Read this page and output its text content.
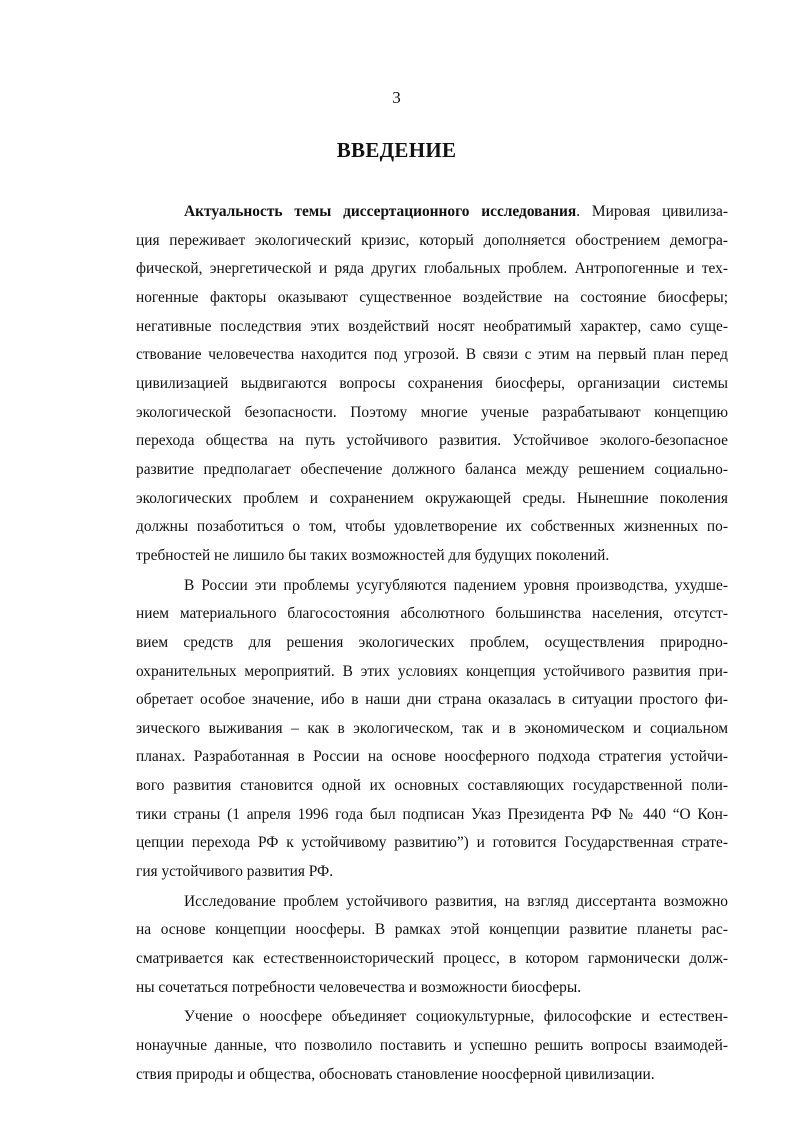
3

ВВЕДЕНИЕ

Актуальность темы диссертационного исследования. Мировая цивилиза-
ция переживает экологический кризис, который дополняется обострением демогра-
фической, энергетической и ряда других глобальных проблем. Антропогенные и тех-
ногенные факторы оказывают существенное воздействие на состояние биосферы;
негативные последствия этих воздействий носят необратимый характер, само суще-
ствование человечества находится под угрозой. В связи с этим на первый план перед
цивилизацией выдвигаются вопросы сохранения биосферы, организации системы
экологической безопасности. Поэтому многие ученые разрабатывают концепцию
перехода общества на путь устойчивого развития. Устойчивое эколого-безопасное
развитие предполагает обеспечение должного баланса между решением социально-
экологических проблем и сохранением окружающей среды. Нынешние поколения
должны позаботиться о том, чтобы удовлетворение их собственных жизненных по-
требностей не лишило бы таких возможностей для будущих поколений.

В России эти проблемы усугубляются падением уровня производства, ухудше-
нием материального благосостояния абсолютного большинства населения, отсутст-
вием средств для решения экологических проблем, осуществления природно-
охранительных мероприятий. В этих условиях концепция устойчивого развития при-
обретает особое значение, ибо в наши дни страна оказалась в ситуации простого фи-
зического выживания – как в экологическом, так и в экономическом и социальном
планах. Разработанная в России на основе ноосферного подхода стратегия устойчи-
вого развития становится одной их основных составляющих государственной поли-
тики страны (1 апреля 1996 года был подписан Указ Президента РФ № 440 “О Кон-
цепции перехода РФ к устойчивому развитию”) и готовится Государственная страте-
гия устойчивого развития РФ.

Исследование проблем устойчивого развития, на взгляд диссертанта возможно
на основе концепции ноосферы. В рамках этой концепции развитие планеты рас-
сматривается как естественноисторический процесс, в котором гармонически долж-
ны сочетаться потребности человечества и возможности биосферы.

Учение о ноосфере объединяет социокультурные, философские и естествен-
нонаучные данные, что позволило поставить и успешно решить вопросы взаимодей-
ствия природы и общества, обосновать становление ноосферной цивилизации.
